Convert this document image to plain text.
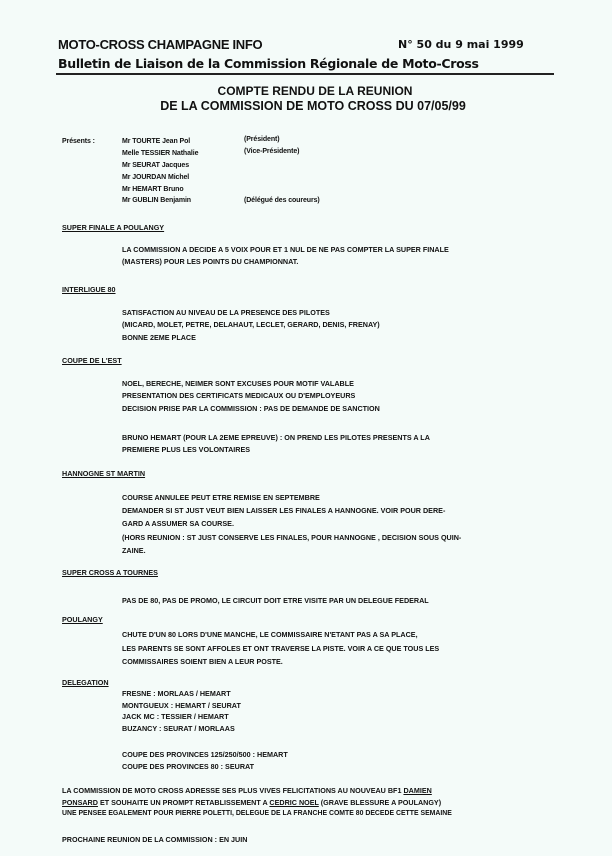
MOTO-CROSS CHAMPAGNE INFO	N° 50 du 9 mai 1999
Bulletin de Liaison de la Commission Régionale de Moto-Cross
COMPTE RENDU DE LA REUNION
DE LA COMMISSION DE MOTO CROSS DU 07/05/99
Présents :	Mr TOURTE Jean Pol	(Président)
Melle TESSIER Nathalie	(Vice-Présidente)
Mr SEURAT Jacques
Mr JOURDAN Michel
Mr HEMART Bruno
Mr GUBLIN Benjamin	(Délégué des coureurs)
SUPER FINALE A POULANGY
LA COMMISSION A DECIDE A 5 VOIX POUR ET 1 NUL DE NE PAS COMPTER LA SUPER FINALE
(MASTERS) POUR LES POINTS DU CHAMPIONNAT.
INTERLIGUE 80
SATISFACTION AU NIVEAU DE LA PRESENCE DES PILOTES
(MICARD, MOLET, PETRE, DELAHAUT, LECLET, GERARD, DENIS, FRENAY)
BONNE 2EME PLACE
COUPE DE L'EST
NOEL, BERECHE, NEIMER SONT EXCUSES POUR MOTIF VALABLE
PRESENTATION DES CERTIFICATS MEDICAUX OU D'EMPLOYEURS
DECISION PRISE PAR LA COMMISSION : PAS DE DEMANDE DE SANCTION
BRUNO HEMART (POUR LA 2EME EPREUVE) : ON PREND LES PILOTES PRESENTS A LA
PREMIERE PLUS LES VOLONTAIRES
HANNOGNE ST MARTIN
COURSE ANNULEE PEUT ETRE REMISE EN SEPTEMBRE
DEMANDER SI ST JUST VEUT BIEN LAISSER LES FINALES A HANNOGNE. VOIR POUR DERE-
GARD A ASSUMER SA COURSE.
(HORS REUNION : ST JUST CONSERVE LES FINALES, POUR HANNOGNE , DECISION SOUS QUIN-
ZAINE.
SUPER CROSS A TOURNES
PAS DE 80, PAS DE PROMO, LE CIRCUIT DOIT ETRE VISITE PAR UN DELEGUE FEDERAL
POULANGY
CHUTE D'UN 80 LORS D'UNE MANCHE, LE COMMISSAIRE N'ETANT PAS A SA PLACE,
LES PARENTS SE SONT AFFOLES ET ONT TRAVERSE LA PISTE. VOIR A CE QUE TOUS LES
COMMISSAIRES SOIENT BIEN A LEUR POSTE.
DELEGATION
FRESNE : MORLAAS / HEMART
MONTGUEUX : HEMART / SEURAT
JACK MC : TESSIER / HEMART
BUZANCY : SEURAT / MORLAAS
COUPE DES PROVINCES 125/250/500 : HEMART
COUPE DES PROVINCES 80 : SEURAT
LA COMMISSION DE MOTO CROSS ADRESSE SES PLUS VIVES FELICITATIONS AU NOUVEAU BF1 DAMIEN
PONSARD ET SOUHAITE UN PROMPT RETABLISSEMENT A CEDRIC NOEL (GRAVE BLESSURE A POULANGY)
UNE PENSEE EGALEMENT POUR PIERRE POLETTI, DELEGUE DE LA FRANCHE COMTE 80 DECEDE CETTE SEMAINE
PROCHAINE REUNION DE LA COMMISSION : EN JUIN
